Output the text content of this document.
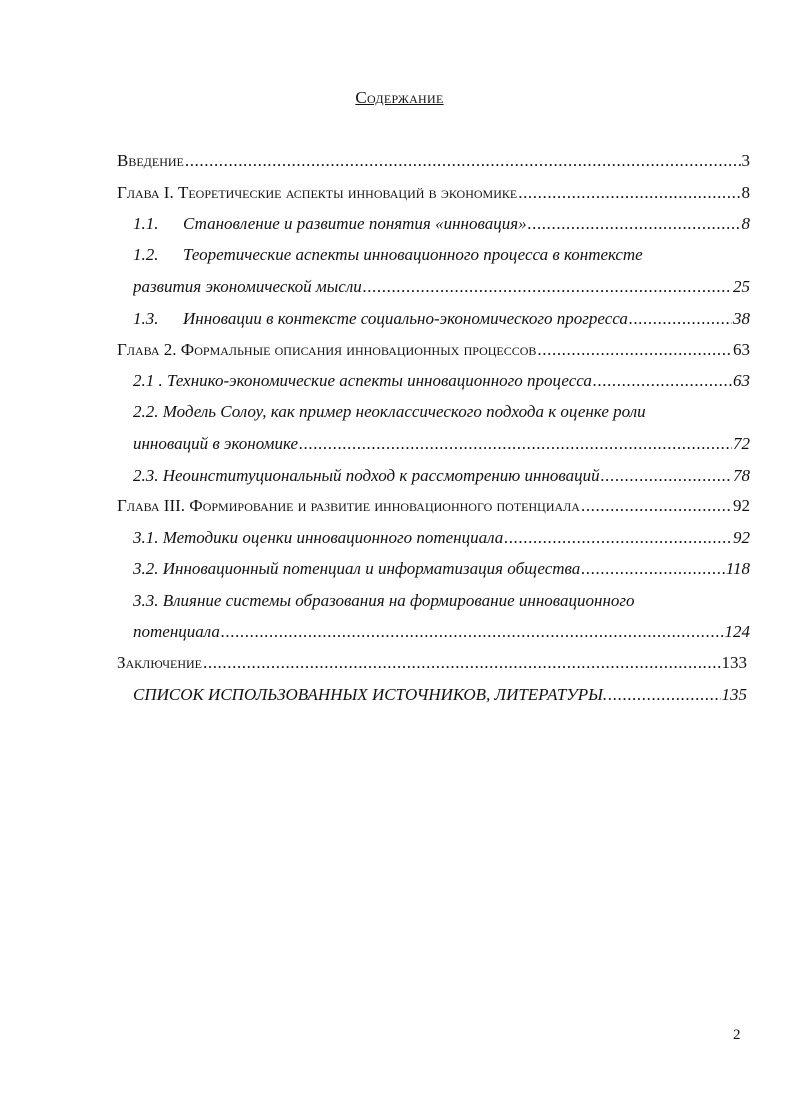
Содержание
Введение .....	3
Глава I. Теоретические аспекты инноваций в экономике .....	8
1.1. Становление и развитие понятия «инновация» .....	8
1.2. Теоретические аспекты инновационного процесса в контексте
развития экономической мысли .....	25
1.3. Инновации в контексте социально-экономического прогресса .....	38
Глава 2. Формальные описания инновационных процессов .....	63
2.1 . Технико-экономические аспекты инновационного процесса .....	63
2.2. Модель Солоу, как пример неоклассического подхода к оценке роли
инноваций в экономике .....	72
2.3. Неоинституциональный подход к рассмотрению инноваций .....	78
Глава III. Формирование и развитие инновационного потенциала .....	92
3.1. Методики оценки инновационного потенциала .....	92
3.2. Инновационный потенциал и информатизация общества .....	118
3.3. Влияние системы образования на формирование инновационного
потенциала .....	124
Заключение .....	133
СПИСОК ИСПОЛЬЗОВАННЫХ ИСТОЧНИКОВ, ЛИТЕРАТУРЫ. .....	135
2
